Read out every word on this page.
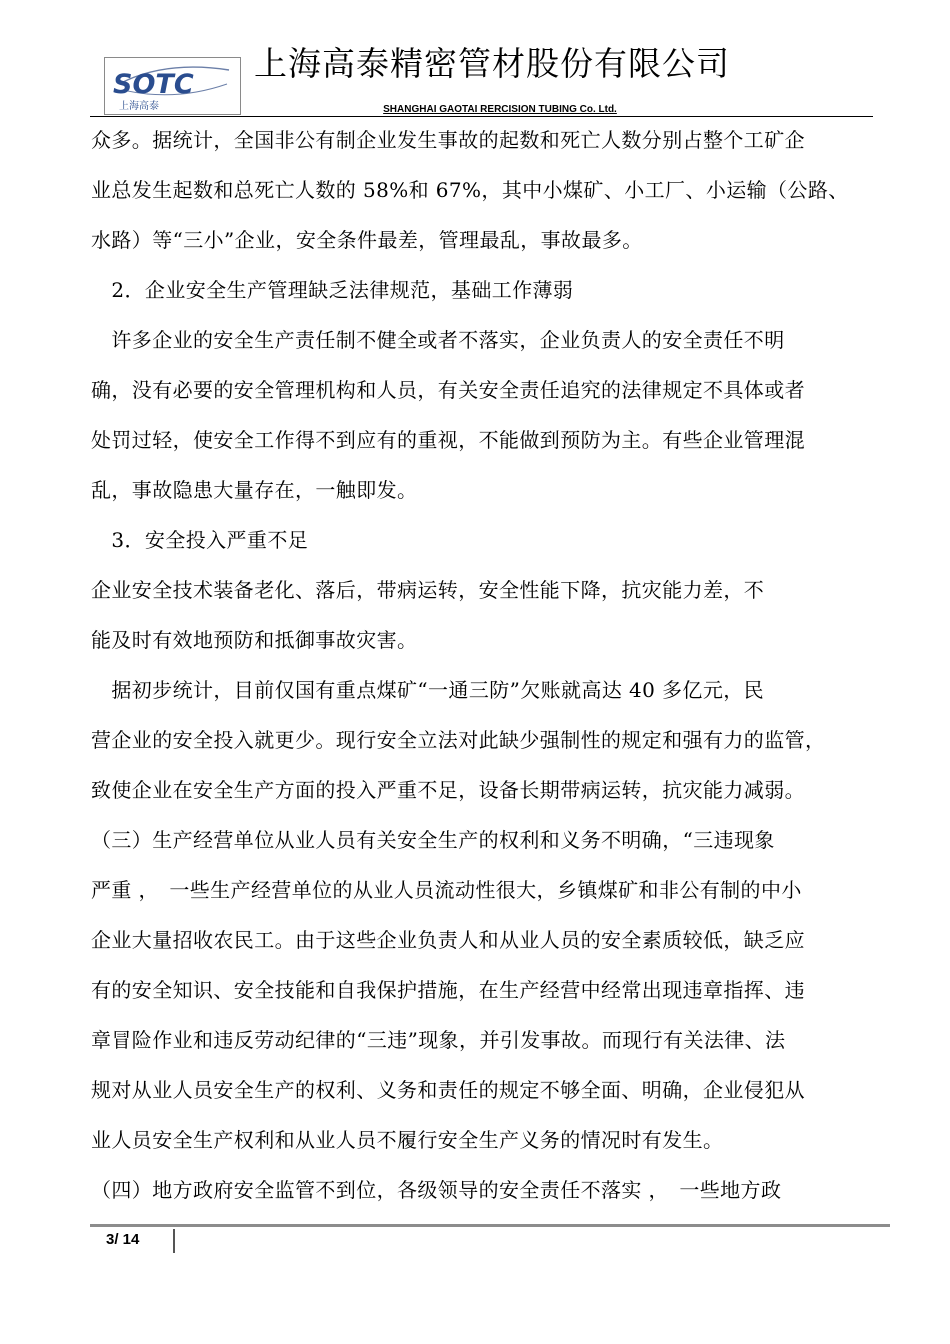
SOTC
上海高泰
上海高泰精密管材股份有限公司
SHANGHAI GAOTAI RERCISION TUBING Co. Ltd.
众多。据统计，全国非公有制企业发生事故的起数和死亡人数分别占整个工矿企
业总发生起数和总死亡人数的 58%和 67%，其中小煤矿、小工厂、小运输（公路、
水路）等“三小”企业，安全条件最差，管理最乱，事故最多。
　2．企业安全生产管理缺乏法律规范，基础工作薄弱
　许多企业的安全生产责任制不健全或者不落实，企业负责人的安全责任不明
确，没有必要的安全管理机构和人员，有关安全责任追究的法律规定不具体或者
处罚过轻，使安全工作得不到应有的重视，不能做到预防为主。有些企业管理混
乱，事故隐患大量存在，一触即发。
　3．安全投入严重不足
企业安全技术装备老化、落后，带病运转，安全性能下降，抗灾能力差，不
能及时有效地预防和抵御事故灾害。
　据初步统计，目前仅国有重点煤矿“一通三防”欠账就高达 40 多亿元，民
营企业的安全投入就更少。现行安全立法对此缺少强制性的规定和强有力的监管，
致使企业在安全生产方面的投入严重不足，设备长期带病运转，抗灾能力减弱。
（三）生产经营单位从业人员有关安全生产的权利和义务不明确，“三违现象
严重 ，　一些生产经营单位的从业人员流动性很大，乡镇煤矿和非公有制的中小
企业大量招收农民工。由于这些企业负责人和从业人员的安全素质较低，缺乏应
有的安全知识、安全技能和自我保护措施，在生产经营中经常出现违章指挥、违
章冒险作业和违反劳动纪律的“三违”现象，并引发事故。而现行有关法律、法
规对从业人员安全生产的权利、义务和责任的规定不够全面、明确，企业侵犯从
业人员安全生产权利和从业人员不履行安全生产义务的情况时有发生。
（四）地方政府安全监管不到位，各级领导的安全责任不落实 ，　一些地方政
3/ 14
